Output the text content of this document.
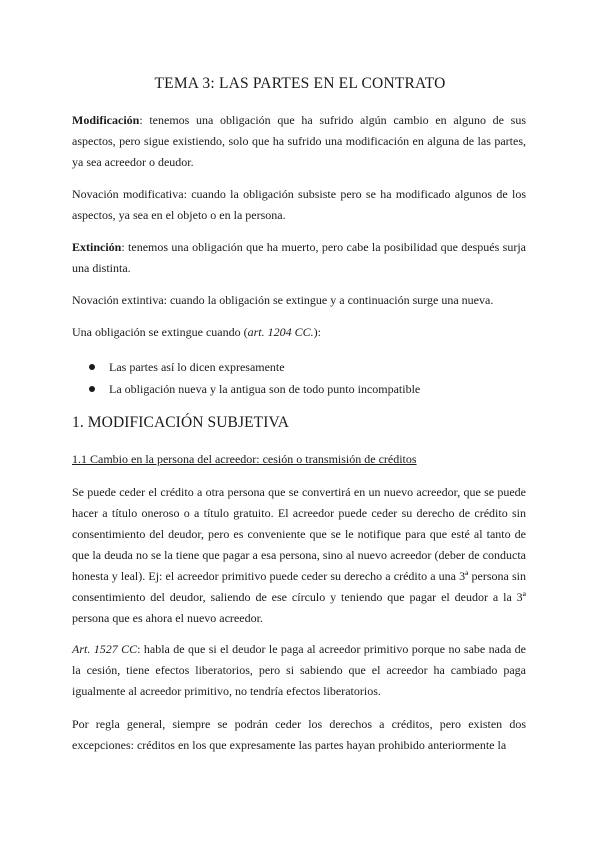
TEMA 3: LAS PARTES EN EL CONTRATO

Modificación: tenemos una obligación que ha sufrido algún cambio en alguno de sus aspectos, pero sigue existiendo, solo que ha sufrido una modificación en alguna de las partes, ya sea acreedor o deudor.

Novación modificativa: cuando la obligación subsiste pero se ha modificado algunos de los aspectos, ya sea en el objeto o en la persona.

Extinción: tenemos una obligación que ha muerto, pero cabe la posibilidad que después surja una distinta.

Novación extintiva: cuando la obligación se extingue y a continuación surge una nueva.

Una obligación se extingue cuando (art. 1204 CC.):

Las partes así lo dicen expresamente
La obligación nueva y la antigua son de todo punto incompatible
1. MODIFICACIÓN SUBJETIVA
1.1 Cambio en la persona del acreedor: cesión o transmisión de créditos

Se puede ceder el crédito a otra persona que se convertirá en un nuevo acreedor, que se puede hacer a título oneroso o a título gratuito. El acreedor puede ceder su derecho de crédito sin consentimiento del deudor, pero es conveniente que se le notifique para que esté al tanto de que la deuda no se la tiene que pagar a esa persona, sino al nuevo acreedor (deber de conducta honesta y leal). Ej: el acreedor primitivo puede ceder su derecho a crédito a una 3ª persona sin consentimiento del deudor, saliendo de ese círculo y teniendo que pagar el deudor a la 3ª persona que es ahora el nuevo acreedor.

Art. 1527 CC: habla de que si el deudor le paga al acreedor primitivo porque no sabe nada de la cesión, tiene efectos liberatorios, pero si sabiendo que el acreedor ha cambiado paga igualmente al acreedor primitivo, no tendría efectos liberatorios.

Por regla general, siempre se podrán ceder los derechos a créditos, pero existen dos excepciones: créditos en los que expresamente las partes hayan prohibido anteriormente la
